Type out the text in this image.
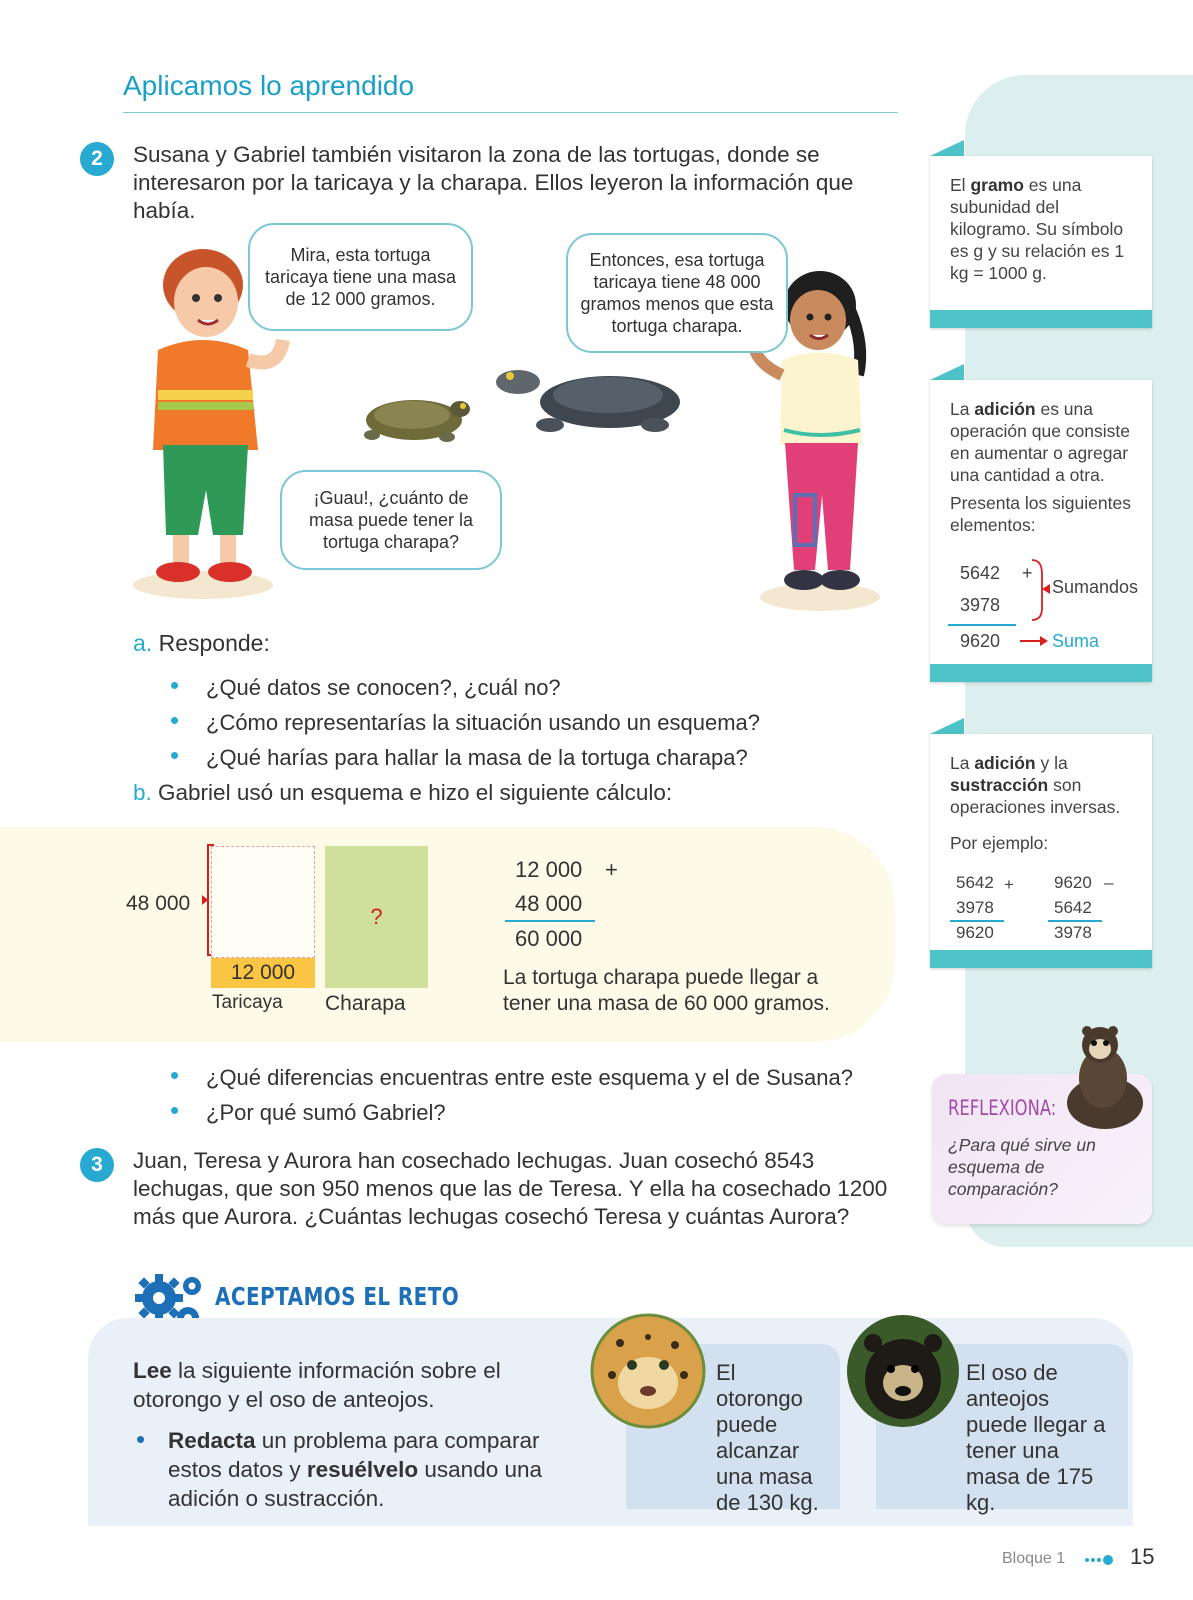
Aplicamos lo aprendido
2	Susana y Gabriel también visitaron la zona de las tortugas, donde se interesaron por la taricaya y la charapa. Ellos leyeron la información que había.
Mira, esta tortuga taricaya tiene una masa de 12 000 gramos.
Entonces, esa tortuga taricaya tiene 48 000 gramos menos que esta tortuga charapa.
¡Guau!, ¿cuánto de masa puede tener la tortuga charapa?
a. Responde:
• ¿Qué datos se conocen?, ¿cuál no?
• ¿Cómo representarías la situación usando un esquema?
• ¿Qué harías para hallar la masa de la tortuga charapa?
b. Gabriel usó un esquema e hizo el siguiente cálculo:
48 000
12 000
?
Taricaya Charapa
12 000 +
48 000
60 000
La tortuga charapa puede llegar a tener una masa de 60 000 gramos.
• ¿Qué diferencias encuentras entre este esquema y el de Susana?
• ¿Por qué sumó Gabriel?
3	Juan, Teresa y Aurora han cosechado lechugas. Juan cosechó 8543 lechugas, que son 950 menos que las de Teresa. Y ella ha cosechado 1200 más que Aurora. ¿Cuántas lechugas cosechó Teresa y cuántas Aurora?
El gramo es una subunidad del kilogramo. Su símbolo es g y su relación es 1 kg = 1000 g.
La adición es una operación que consiste en aumentar o agregar una cantidad a otra.
Presenta los siguientes elementos:
5642 +
3978
Sumandos
9620	Suma
La adición y la sustracción son operaciones inversas.
Por ejemplo:
5642 +
3978
9620
9620 –
5642
3978
REFLEXIONA:
¿Para qué sirve un esquema de comparación?
ACEPTAMOS EL RETO
Lee la siguiente información sobre el otorongo y el oso de anteojos.
• Redacta un problema para comparar estos datos y resuélvelo usando una adición o sustracción.
El otorongo puede alcanzar una masa de 130 kg.
El oso de anteojos puede llegar a tener una masa de 175 kg.
Bloque 1	15
